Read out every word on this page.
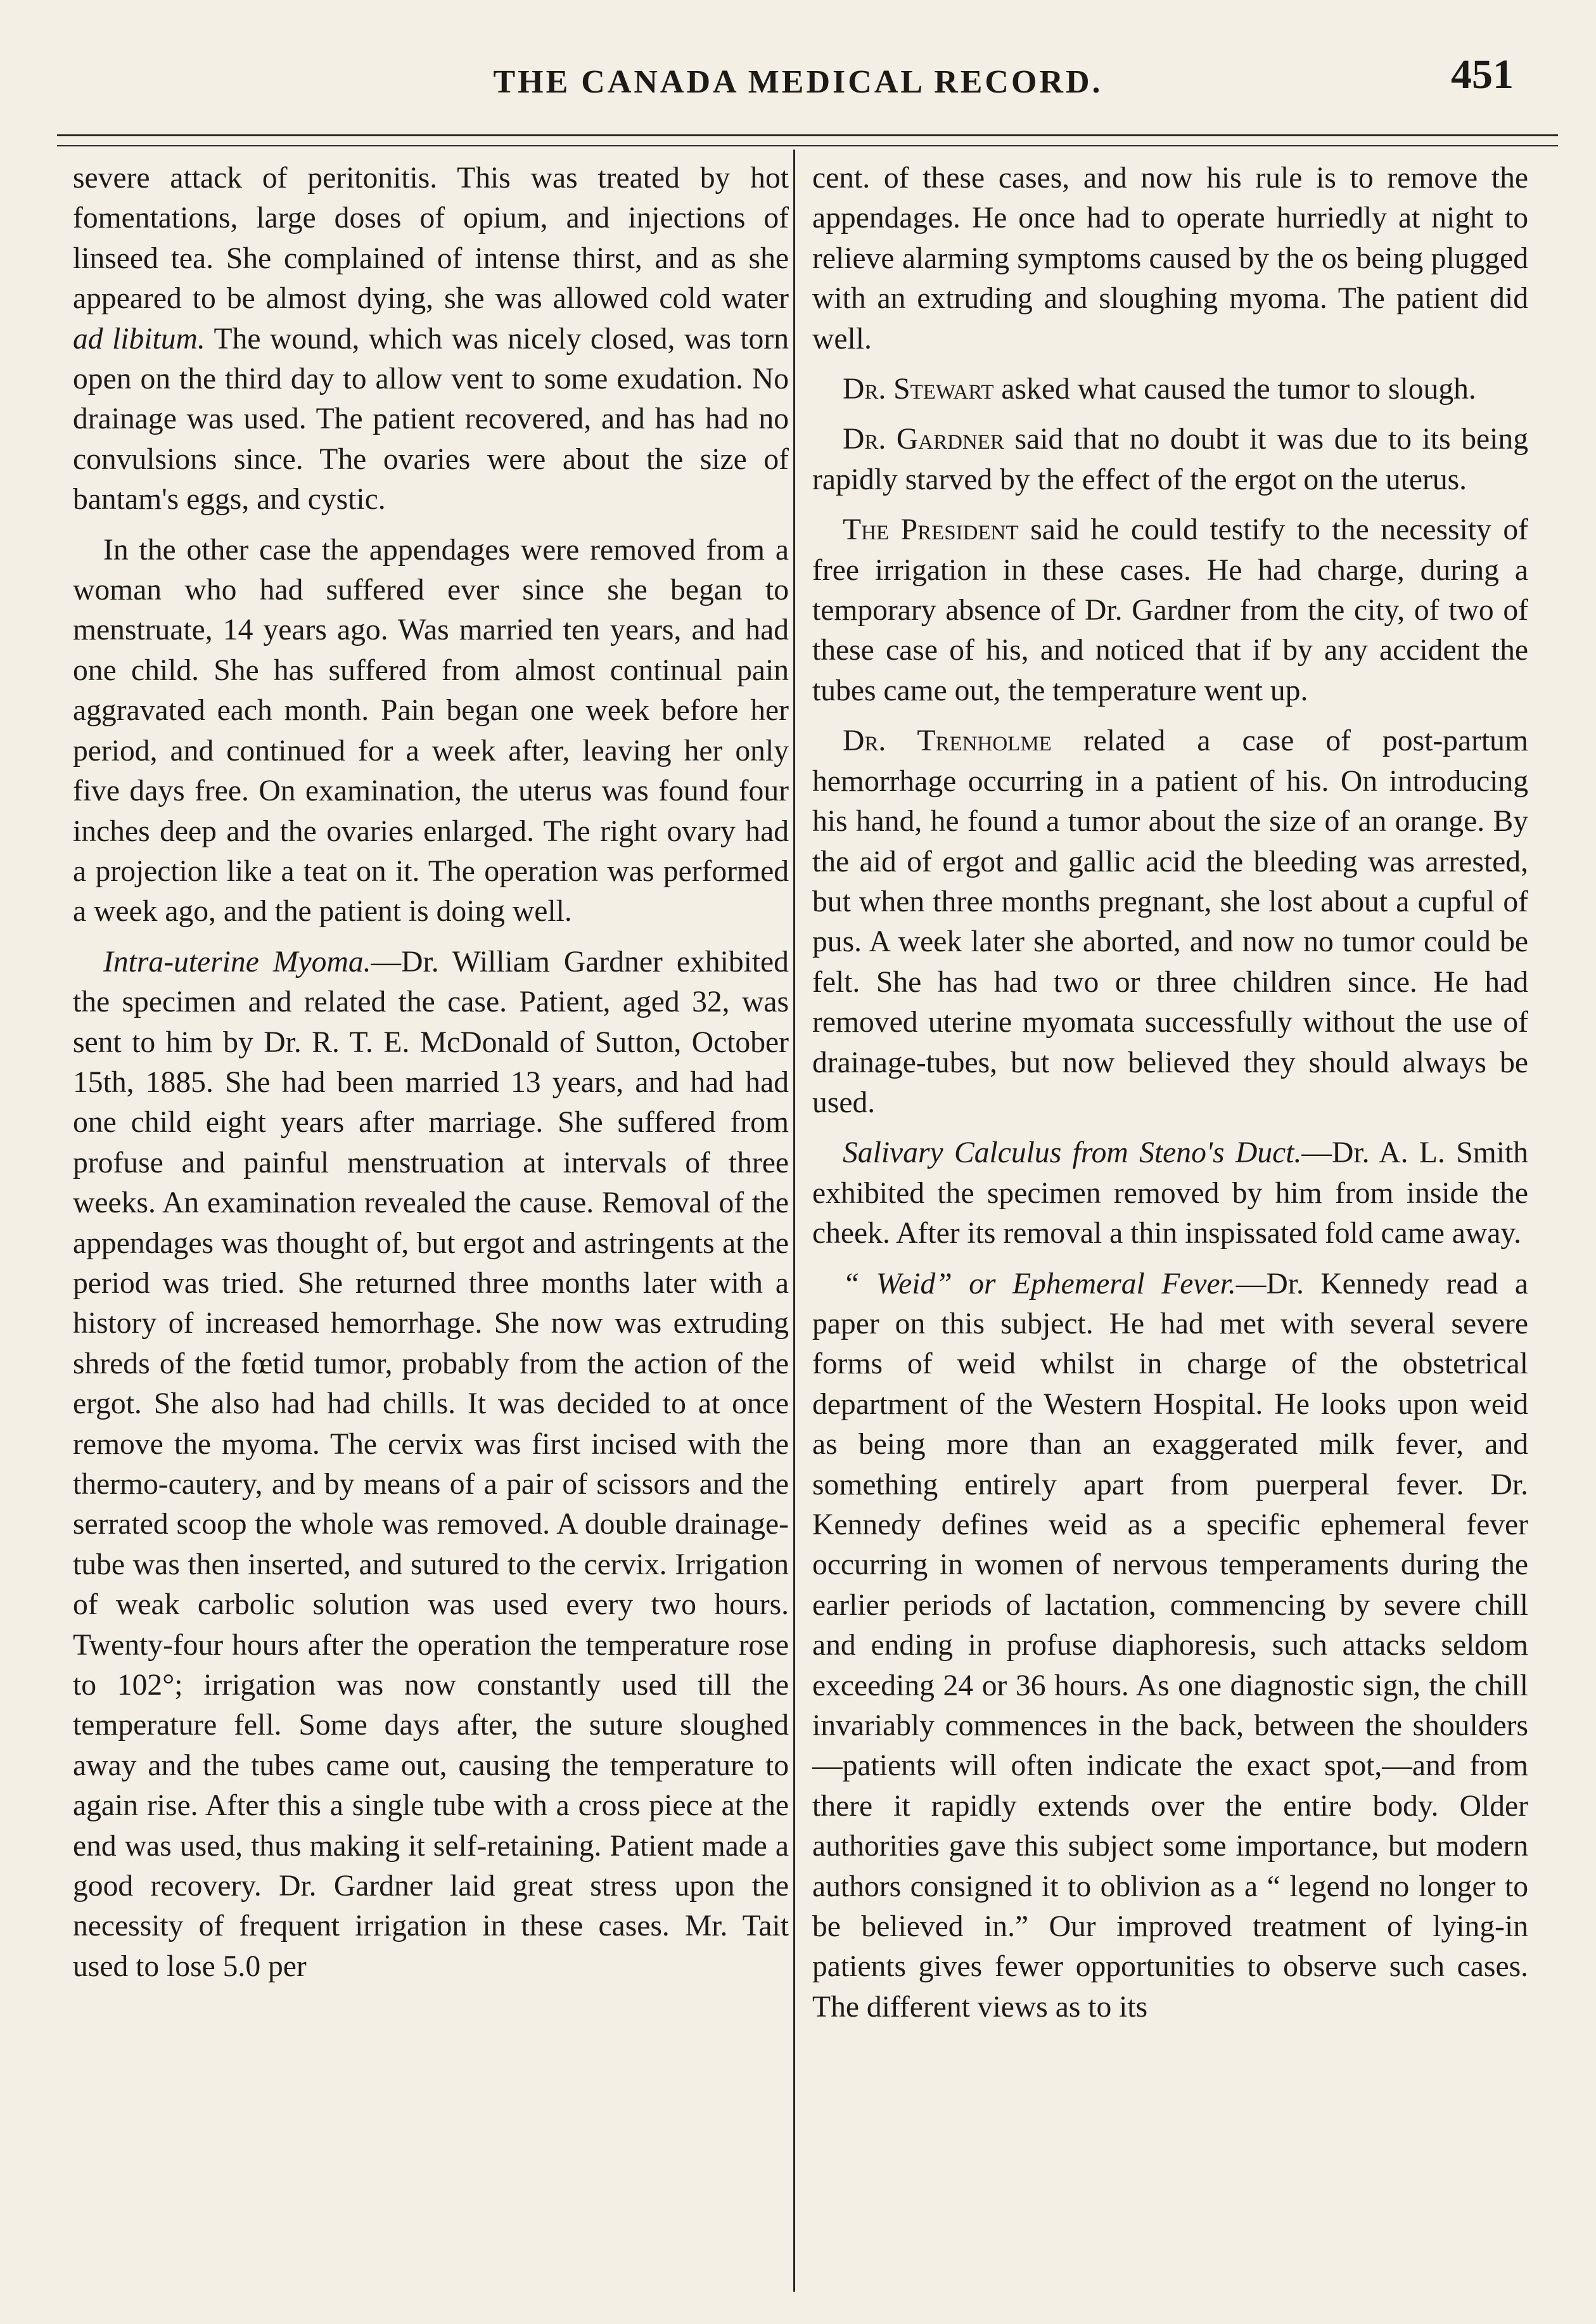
THE CANADA MEDICAL RECORD.	451

severe attack of peritonitis. This was treated by hot fomentations, large doses of opium, and injections of linseed tea. She complained of intense thirst, and as she appeared to be almost dying, she was allowed cold water ad libitum. The wound, which was nicely closed, was torn open on the third day to allow vent to some exudation. No drainage was used. The patient recovered, and has had no convulsions since. The ovaries were about the size of bantam's eggs, and cystic.

In the other case the appendages were removed from a woman who had suffered ever since she began to menstruate, 14 years ago. Was married ten years, and had one child. She has suffered from almost continual pain aggravated each month. Pain began one week before her period, and continued for a week after, leaving her only five days free. On examination, the uterus was found four inches deep and the ovaries enlarged. The right ovary had a projection like a teat on it. The operation was performed a week ago, and the patient is doing well.

Intra-uterine Myoma.—Dr. William Gardner exhibited the specimen and related the case. Patient, aged 32, was sent to him by Dr. R. T. E. McDonald of Sutton, October 15th, 1885. She had been married 13 years, and had had one child eight years after marriage. She suffered from profuse and painful menstruation at intervals of three weeks. An examination revealed the cause. Removal of the appendages was thought of, but ergot and astringents at the period was tried. She returned three months later with a history of increased hemorrhage. She now was extruding shreds of the fœtid tumor, probably from the action of the ergot. She also had had chills. It was decided to at once remove the myoma. The cervix was first incised with the thermo-cautery, and by means of a pair of scissors and the serrated scoop the whole was removed. A double drainage-tube was then inserted, and sutured to the cervix. Irrigation of weak carbolic solution was used every two hours. Twenty-four hours after the operation the temperature rose to 102°; irrigation was now constantly used till the temperature fell. Some days after, the suture sloughed away and the tubes came out, causing the temperature to again rise. After this a single tube with a cross piece at the end was used, thus making it self-retaining. Patient made a good recovery. Dr. Gardner laid great stress upon the necessity of frequent irrigation in these cases. Mr. Tait used to lose 5.0 per

cent. of these cases, and now his rule is to remove the appendages. He once had to operate hurriedly at night to relieve alarming symptoms caused by the os being plugged with an extruding and sloughing myoma. The patient did well.

Dr. Stewart asked what caused the tumor to slough.

Dr. Gardner said that no doubt it was due to its being rapidly starved by the effect of the ergot on the uterus.

The President said he could testify to the necessity of free irrigation in these cases. He had charge, during a temporary absence of Dr. Gardner from the city, of two of these case of his, and noticed that if by any accident the tubes came out, the temperature went up.

Dr. Trenholme related a case of post-partum hemorrhage occurring in a patient of his. On introducing his hand, he found a tumor about the size of an orange. By the aid of ergot and gallic acid the bleeding was arrested, but when three months pregnant, she lost about a cupful of pus. A week later she aborted, and now no tumor could be felt. She has had two or three children since. He had removed uterine myomata successfully without the use of drainage-tubes, but now believed they should always be used.

Salivary Calculus from Steno's Duct.—Dr. A. L. Smith exhibited the specimen removed by him from inside the cheek. After its removal a thin inspissated fold came away.

“ Weid” or Ephemeral Fever.—Dr. Kennedy read a paper on this subject. He had met with several severe forms of weid whilst in charge of the obstetrical department of the Western Hospital. He looks upon weid as being more than an exaggerated milk fever, and something entirely apart from puerperal fever. Dr. Kennedy defines weid as a specific ephemeral fever occurring in women of nervous temperaments during the earlier periods of lactation, commencing by severe chill and ending in profuse diaphoresis, such attacks seldom exceeding 24 or 36 hours. As one diagnostic sign, the chill invariably commences in the back, between the shoulders—patients will often indicate the exact spot,—and from there it rapidly extends over the entire body. Older authorities gave this subject some importance, but modern authors consigned it to oblivion as a “ legend no longer to be believed in.” Our improved treatment of lying-in patients gives fewer opportunities to observe such cases. The different views as to its
